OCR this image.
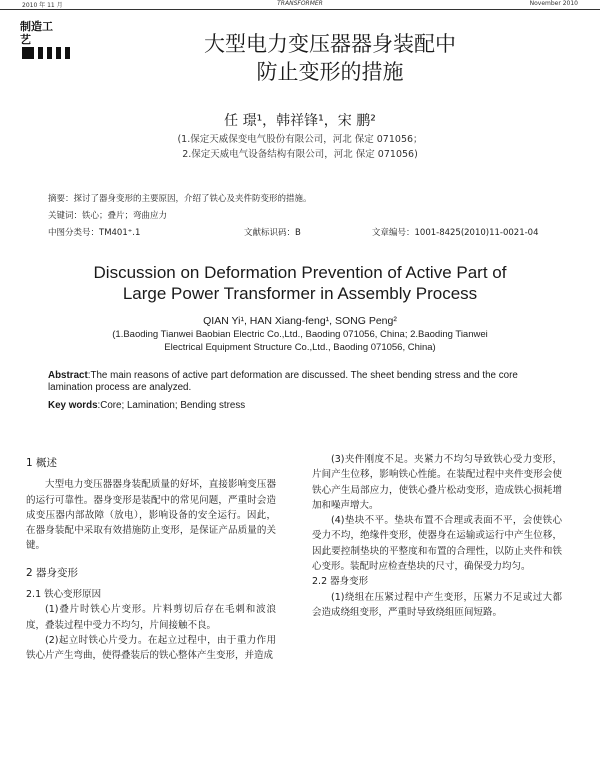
2010 年 11 月	TRANSFORMER	November 2010
制造工
艺	大型电力变压器器身装配中
防止变形的措施
任 璟¹，韩祥锋¹，宋 鹏²
(1.保定天威保变电气股份有限公司，河北 保定 071056；
2.保定天威电气设备结构有限公司，河北 保定 071056)
摘要：探讨了器身变形的主要原因，介绍了铁心及夹件防变形的措施。
关键词：铁心；叠片；弯曲应力
中图分类号：TM401⁺.1	文献标识码：B	文章编号：1001-8425(2010)11-0021-04
Discussion on Deformation Prevention of Active Part of
Large Power Transformer in Assembly Process
QIAN Yi¹, HAN Xiang-feng¹, SONG Peng²
(1.Baoding Tianwei Baobian Electric Co.,Ltd., Baoding 071056, China; 2.Baoding Tianwei
Electrical Equipment Structure Co.,Ltd., Baoding 071056, China)
Abstract:The main reasons of active part deformation are discussed. The sheet bending stress and the core lamination process are analyzed.
Key words:Core; Lamination; Bending stress

1 概述

大型电力变压器器身装配质量的好坏，直接影响变压器的运行可靠性。器身变形是装配中的常见问题，严重时会造成变压器内部故障（放电），影响设备的安全运行。因此，在器身装配中采取有效措施防止变形，是保证产品质量的关键。

2 器身变形

2.1 铁心变形原因

(1)叠片时铁心片变形。片料剪切后存在毛刺和波浪度，叠装过程中受力不均匀，片间接触不良。

(2)起立时铁心片受力。在起立过程中，由于重力作用铁心片产生弯曲，使得叠装后的铁心整体产生变形，并造成

(3)夹件刚度不足。夹紧力不均匀导致铁心受力变形，片间产生位移，影响铁心性能。在装配过程中夹件变形会使铁心产生局部应力，使铁心叠片松动变形，造成铁心损耗增加和噪声增大。

(4)垫块不平。垫块布置不合理或表面不平，会使铁心受力不均，绝缘件变形，使器身在运输或运行中产生位移，因此要控制垫块的平整度和布置的合理性，以防止夹件和铁心变形。装配时应检查垫块的尺寸，确保受力均匀。

2.2 器身变形

(1)绕组在压紧过程中产生变形，压紧力不足或过大都会造成绕组变形，严重时导致绕组匝间短路。
